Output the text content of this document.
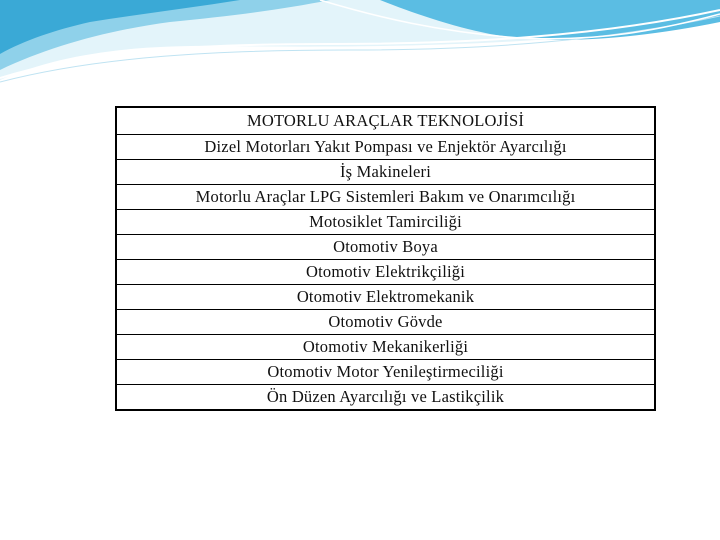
MOTORLU ARAÇLAR TEKNOLOJİSİ
Dizel Motorları Yakıt Pompası ve Enjektör Ayarcılığı
İş Makineleri
Motorlu Araçlar LPG Sistemleri Bakım ve Onarımcılığı
Motosiklet Tamirciliği
Otomotiv Boya
Otomotiv Elektrikçiliği
Otomotiv Elektromekanik
Otomotiv Gövde
Otomotiv Mekanikerliği
Otomotiv Motor Yenileştirmeciliği
Ön Düzen Ayarcılığı ve Lastikçilik
